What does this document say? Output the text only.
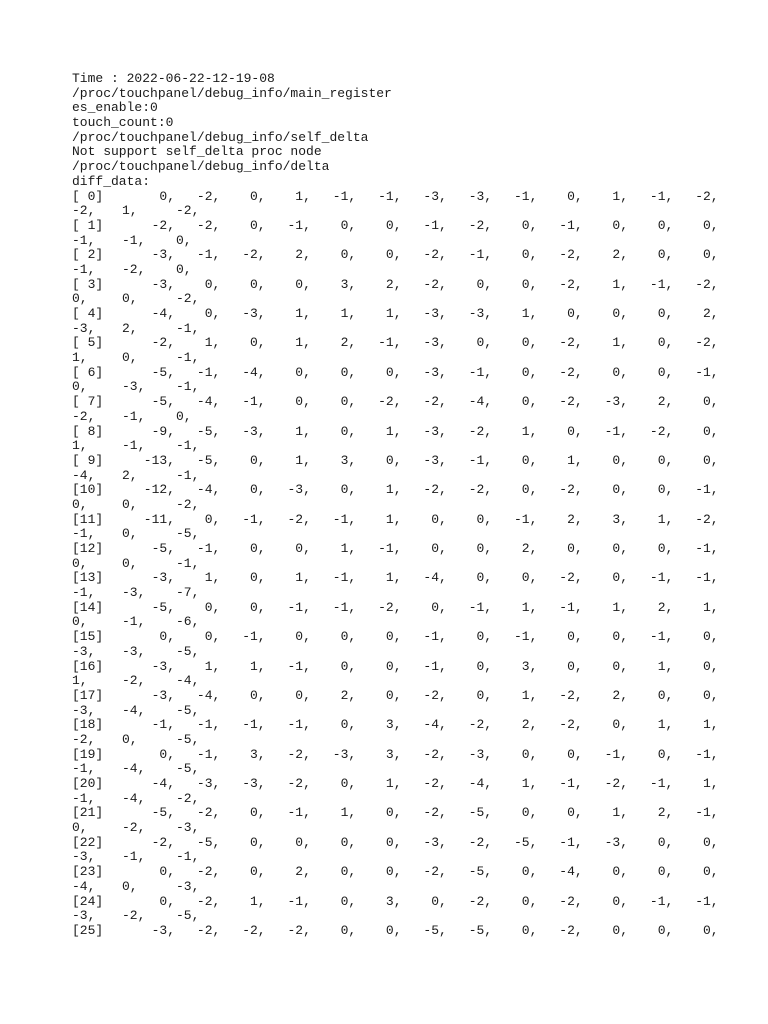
Time : 2022-06-22-12-19-08
/proc/touchpanel/debug_info/main_register
es_enable:0
touch_count:0
/proc/touchpanel/debug_info/self_delta
Not support self_delta proc node
/proc/touchpanel/debug_info/delta
diff_data:
[ 0]	0,	-2,	0,	1,	-1,	-1,	-3,	-3,	-1,	0,	1,	-1,	-2,
-2,	1,	-2,
[ 1]	-2,	-2,	0,	-1,	0,	0,	-1,	-2,	0,	-1,	0,	0,	0,
-1,	-1,	0,
[ 2]	-3,	-1,	-2,	2,	0,	0,	-2,	-1,	0,	-2,	2,	0,	0,
-1,	-2,	0,
[ 3]	-3,	0,	0,	0,	3,	2,	-2,	0,	0,	-2,	1,	-1,	-2,
0,	0,	-2,
[ 4]	-4,	0,	-3,	1,	1,	1,	-3,	-3,	1,	0,	0,	0,	2,
-3,	2,	-1,
[ 5]	-2,	1,	0,	1,	2,	-1,	-3,	0,	0,	-2,	1,	0,	-2,
1,	0,	-1,
[ 6]	-5,	-1,	-4,	0,	0,	0,	-3,	-1,	0,	-2,	0,	0,	-1,
0,	-3,	-1,
[ 7]	-5,	-4,	-1,	0,	0,	-2,	-2,	-4,	0,	-2,	-3,	2,	0,
-2,	-1,	0,
[ 8]	-9,	-5,	-3,	1,	0,	1,	-3,	-2,	1,	0,	-1,	-2,	0,
1,	-1,	-1,
[ 9]	-13,	-5,	0,	1,	3,	0,	-3,	-1,	0,	1,	0,	0,	0,
-4,	2,	-1,
[10]	-12,	-4,	0,	-3,	0,	1,	-2,	-2,	0,	-2,	0,	0,	-1,
0,	0,	-2,
[11]	-11,	0,	-1,	-2,	-1,	1,	0,	0,	-1,	2,	3,	1,	-2,
-1,	0,	-5,
[12]	-5,	-1,	0,	0,	1,	-1,	0,	0,	2,	0,	0,	0,	-1,
0,	0,	-1,
[13]	-3,	1,	0,	1,	-1,	1,	-4,	0,	0,	-2,	0,	-1,	-1,
-1,	-3,	-7,
[14]	-5,	0,	0,	-1,	-1,	-2,	0,	-1,	1,	-1,	1,	2,	1,
0,	-1,	-6,
[15]	0,	0,	-1,	0,	0,	0,	-1,	0,	-1,	0,	0,	-1,	0,
-3,	-3,	-5,
[16]	-3,	1,	1,	-1,	0,	0,	-1,	0,	3,	0,	0,	1,	0,
1,	-2,	-4,
[17]	-3,	-4,	0,	0,	2,	0,	-2,	0,	1,	-2,	2,	0,	0,
-3,	-4,	-5,
[18]	-1,	-1,	-1,	-1,	0,	3,	-4,	-2,	2,	-2,	0,	1,	1,
-2,	0,	-5,
[19]	0,	-1,	3,	-2,	-3,	3,	-2,	-3,	0,	0,	-1,	0,	-1,
-1,	-4,	-5,
[20]	-4,	-3,	-3,	-2,	0,	1,	-2,	-4,	1,	-1,	-2,	-1,	1,
-1,	-4,	-2,
[21]	-5,	-2,	0,	-1,	1,	0,	-2,	-5,	0,	0,	1,	2,	-1,
0,	-2,	-3,
[22]	-2,	-5,	0,	0,	0,	0,	-3,	-2,	-5,	-1,	-3,	0,	0,
-3,	-1,	-1,
[23]	0,	-2,	0,	2,	0,	0,	-2,	-5,	0,	-4,	0,	0,	0,
-4,	0,	-3,
[24]	0,	-2,	1,	-1,	0,	3,	0,	-2,	0,	-2,	0,	-1,	-1,
-3,	-2,	-5,
[25]	-3,	-2,	-2,	-2,	0,	0,	-5,	-5,	0,	-2,	0,	0,	0,
